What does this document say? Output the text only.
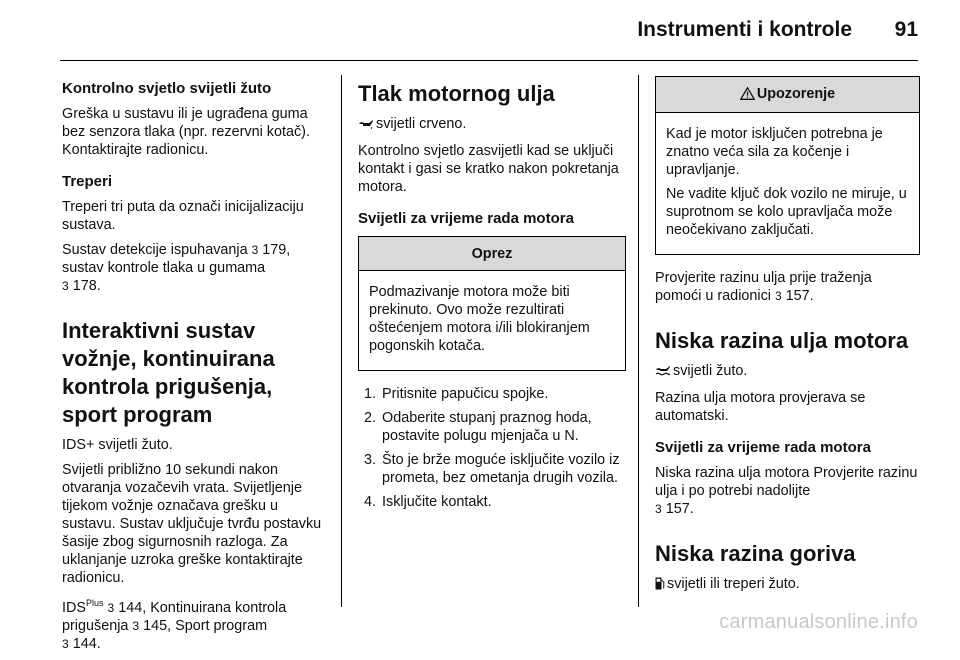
Instrumenti i kontrole 91

Kontrolno svjetlo svijetli žuto

Greška u sustavu ili je ugrađena guma bez senzora tlaka (npr. rezervni kotač). Kontaktirajte radionicu.

Treperi

Treperi tri puta da označi inicijalizaciju sustava.

Sustav detekcije ispuhavanja 3 179,
sustav kontrole tlaka u gumama
3 178.

Interaktivni sustav vožnje, kontinuirana kontrola prigušenja, sport program

IDS+ svijetli žuto.

Svijetli približno 10 sekundi nakon otvaranja vozačevih vrata. Svijetljenje tijekom vožnje označava grešku u sustavu. Sustav uključuje tvrđu postavku šasije zbog sigurnosnih razloga. Za uklanjanje uzroka greške kontaktirajte radionicu.

$IDS^{Plus}$ 3 144, Kontinuirana kontrola prigušenja 3 145, Sport program
3 144.

Tlak motornog ulja

svijetli crveno.

Kontrolno svjetlo zasvijetli kad se uključi kontakt i gasi se kratko nakon pokretanja motora.

Svijetli za vrijeme rada motora

Oprez

Podmazivanje motora može biti prekinuto. Ovo može rezultirati oštećenjem motora i/ili blokiranjem pogonskih kotača.

1. Pritisnite papučicu spojke.
2. Odaberite stupanj praznog hoda, postavite polugu mjenjača u N.
3. Što je brže moguće isključite vozilo iz prometa, bez ometanja drugih vozila.
4. Isključite kontakt.
Upozorenje

Kad je motor isključen potrebna je znatno veća sila za kočenje i upravljanje.

Ne vadite ključ dok vozilo ne miruje, u suprotnom se kolo upravljača može neočekivano zaključati.

Provjerite razinu ulja prije traženja pomoći u radionici 3 157.

Niska razina ulja motora

svijetli žuto.

Razina ulja motora provjerava se automatski.

Svijetli za vrijeme rada motora

Niska razina ulja motora Provjerite razinu ulja i po potrebi nadolijte
3 157.

Niska razina goriva

svijetli ili treperi žuto.

carmanualsonline.info
